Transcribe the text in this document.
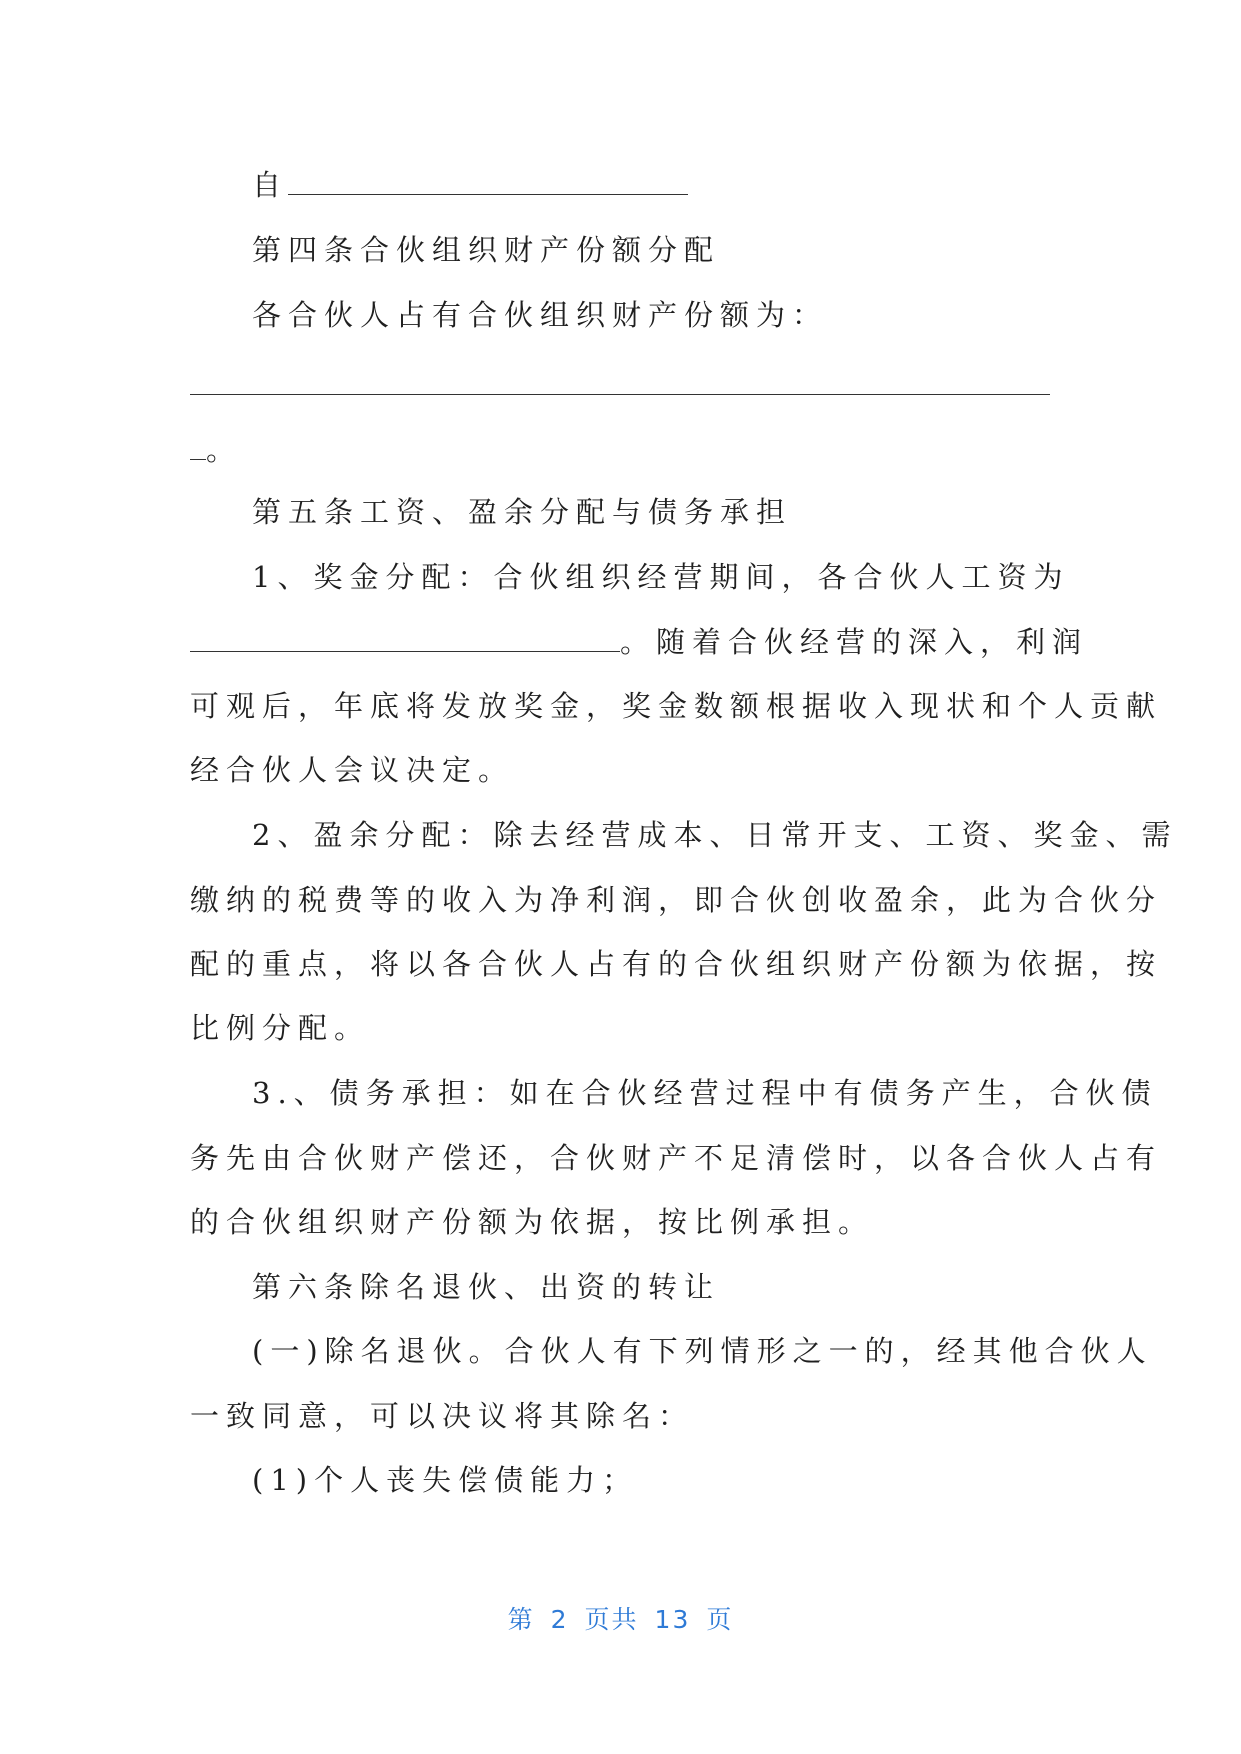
自
第四条合伙组织财产份额分配
各合伙人占有合伙组织财产份额为：
。
第五条工资、盈余分配与债务承担
1、奖金分配：合伙组织经营期间，各合伙人工资为
。随着合伙经营的深入，利润
可观后，年底将发放奖金，奖金数额根据收入现状和个人贡献
经合伙人会议决定。
2、盈余分配：除去经营成本、日常开支、工资、奖金、需
缴纳的税费等的收入为净利润，即合伙创收盈余，此为合伙分
配的重点，将以各合伙人占有的合伙组织财产份额为依据，按
比例分配。
3.、债务承担：如在合伙经营过程中有债务产生，合伙债
务先由合伙财产偿还，合伙财产不足清偿时，以各合伙人占有
的合伙组织财产份额为依据，按比例承担。
第六条除名退伙、出资的转让
(一)除名退伙。合伙人有下列情形之一的，经其他合伙人
一致同意，可以决议将其除名：
(1)个人丧失偿债能力；
第 2 页共 13 页
